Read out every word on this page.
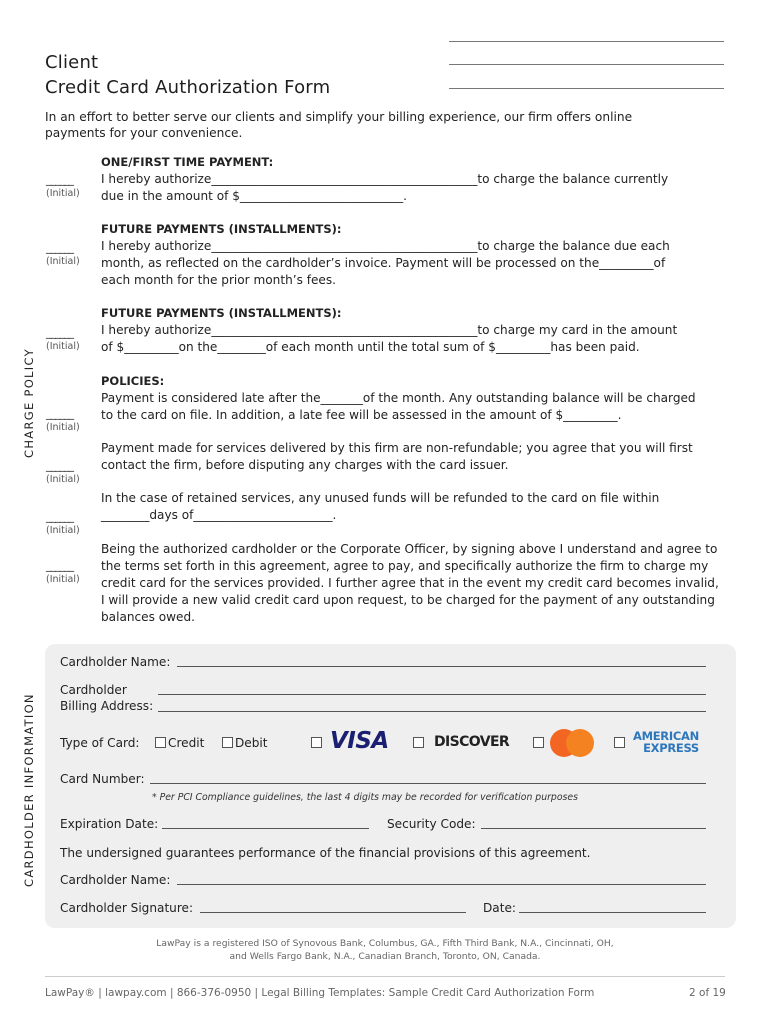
Client
Credit Card Authorization Form
In an effort to better serve our clients and simplify your billing experience, our firm offers online payments for your convenience.
CHARGE POLICY
CARDHOLDER INFORMATION
______
(Initial)
______
(Initial)
______
(Initial)
______
(Initial)
______
(Initial)
______
(Initial)
______
(Initial)
ONE/FIRST TIME PAYMENT:
I hereby authorize____________________________________________to charge the balance currently
due in the amount of $___________________________.
FUTURE PAYMENTS (INSTALLMENTS):
I hereby authorize____________________________________________to charge the balance due each
month, as reflected on the cardholder’s invoice. Payment will be processed on the_________of
each month for the prior month’s fees.
FUTURE PAYMENTS (INSTALLMENTS):
I hereby authorize____________________________________________to charge my card in the amount
of $_________on the________of each month until the total sum of $_________has been paid.
POLICIES:
Payment is considered late after the_______of the month. Any outstanding balance will be charged
to the card on file. In addition, a late fee will be assessed in the amount of $_________.
Payment made for services delivered by this firm are non-refundable; you agree that you will first
contact the firm, before disputing any charges with the card issuer.
In the case of retained services, any unused funds will be refunded to the card on file within
________days of_______________________.
Being the authorized cardholder or the Corporate Officer, by signing above I understand and agree to the terms set forth in this agreement, agree to pay, and specifically authorize the firm to charge my credit card for the services provided. I further agree that in the event my credit card becomes invalid, I will provide a new valid credit card upon request, to be charged for the payment of any outstanding balances owed.
Cardholder Name:
Cardholder
Billing Address:
Type of Card:	Credit	Debit	VISA	DISCOVER	AMERICAN
EXPRESS
Card Number:
* Per PCI Compliance guidelines, the last 4 digits may be recorded for verification purposes
Expiration Date:	Security Code:
The undersigned guarantees performance of the financial provisions of this agreement.
Cardholder Name:
Cardholder Signature:	Date:
LawPay is a registered ISO of Synovous Bank, Columbus, GA., Fifth Third Bank, N.A., Cincinnati, OH,
and Wells Fargo Bank, N.A., Canadian Branch, Toronto, ON, Canada.
LawPay® | lawpay.com | 866-376-0950 | Legal Billing Templates: Sample Credit Card Authorization Form	2 of 19
